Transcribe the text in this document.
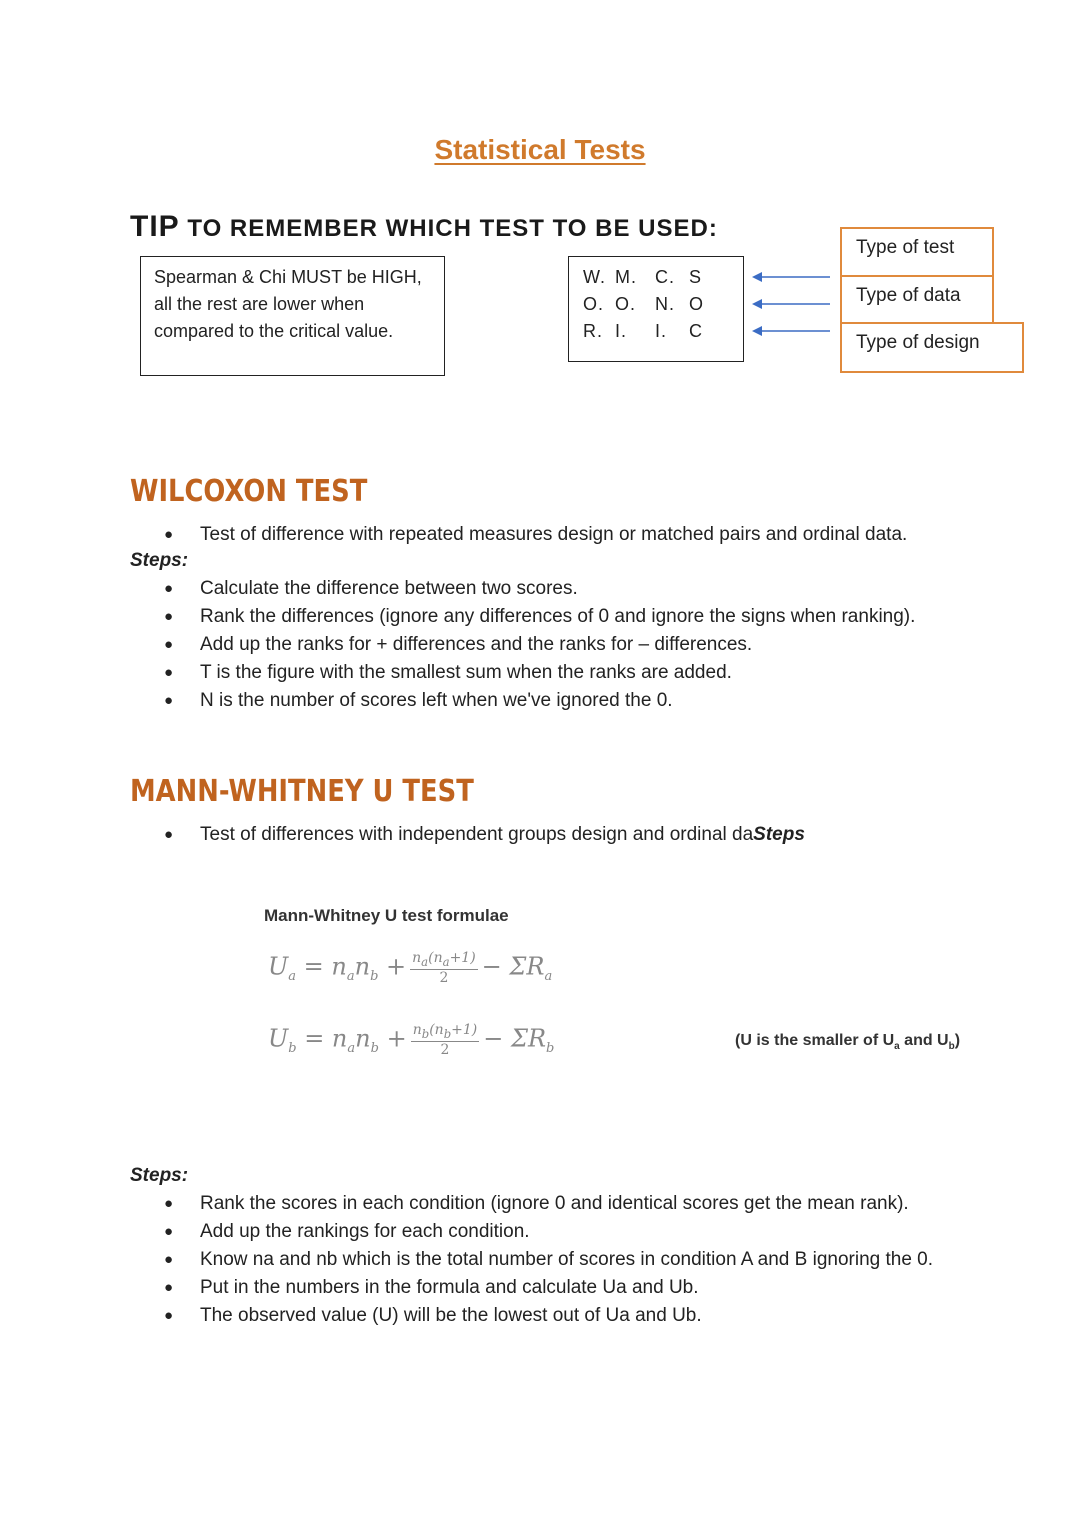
Statistical Tests
TIP TO REMEMBER WHICH TEST TO BE USED:
Spearman & Chi MUST be HIGH, all the rest are lower when compared to the critical value.
W. M.	C. S
O. O.	N. O
R. I.	I.	C
Type of test
Type of data
Type of design
WILCOXON TEST
●	Test of difference with repeated measures design or matched pairs and ordinal data.
Steps:
●	Calculate the difference between two scores.
●	Rank the differences (ignore any differences of 0 and ignore the signs when ranking).
●	Add up the ranks for + differences and the ranks for – differences.
●	T is the figure with the smallest sum when the ranks are added.
●	N is the number of scores left when we've ignored the 0.
MANN-WHITNEY U TEST
●	Test of differences with independent groups design and ordinal daSteps
Mann-Whitney U test formulae
$U_a = n_an_b + \frac{n_a(n_a+1)}{2} - \Sigma R_a$
$U_b = n_an_b + \frac{n_b(n_b+1)}{2} - \Sigma R_b$	(U is the smaller of $U_a$ and $U_b$)
Steps:
●	Rank the scores in each condition (ignore 0 and identical scores get the mean rank).
●	Add up the rankings for each condition.
●	Know na and nb which is the total number of scores in condition A and B ignoring the 0.
●	Put in the numbers in the formula and calculate Ua and Ub.
●	The observed value (U) will be the lowest out of Ua and Ub.
